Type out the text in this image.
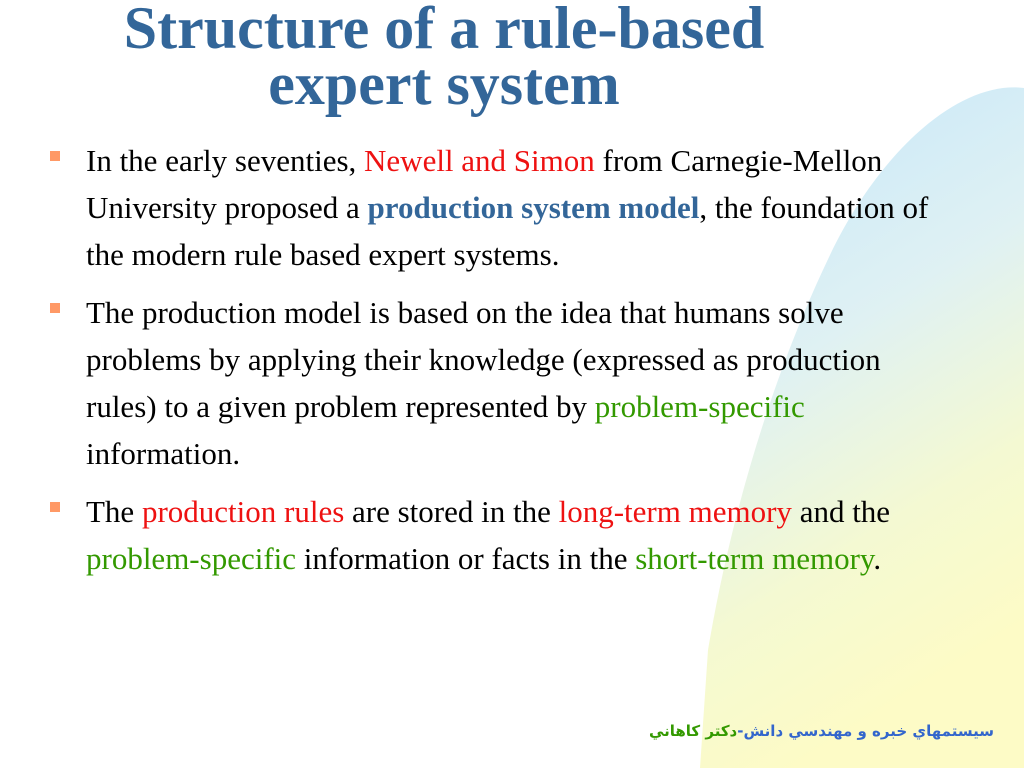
Structure of a rule-based
expert system
In the early seventies, Newell and Simon from Carnegie-Mellon University proposed a production system model, the foundation of the modern rule based expert systems.
The production model is based on the idea that humans solve problems by applying their knowledge (expressed as production rules) to a given problem represented by problem-specific information.
The production rules are stored in the long-term memory and the problem-specific information or facts in the short-term memory.
سيستمهاي خبره و مهندسي دانش-دكتر كاهاني
